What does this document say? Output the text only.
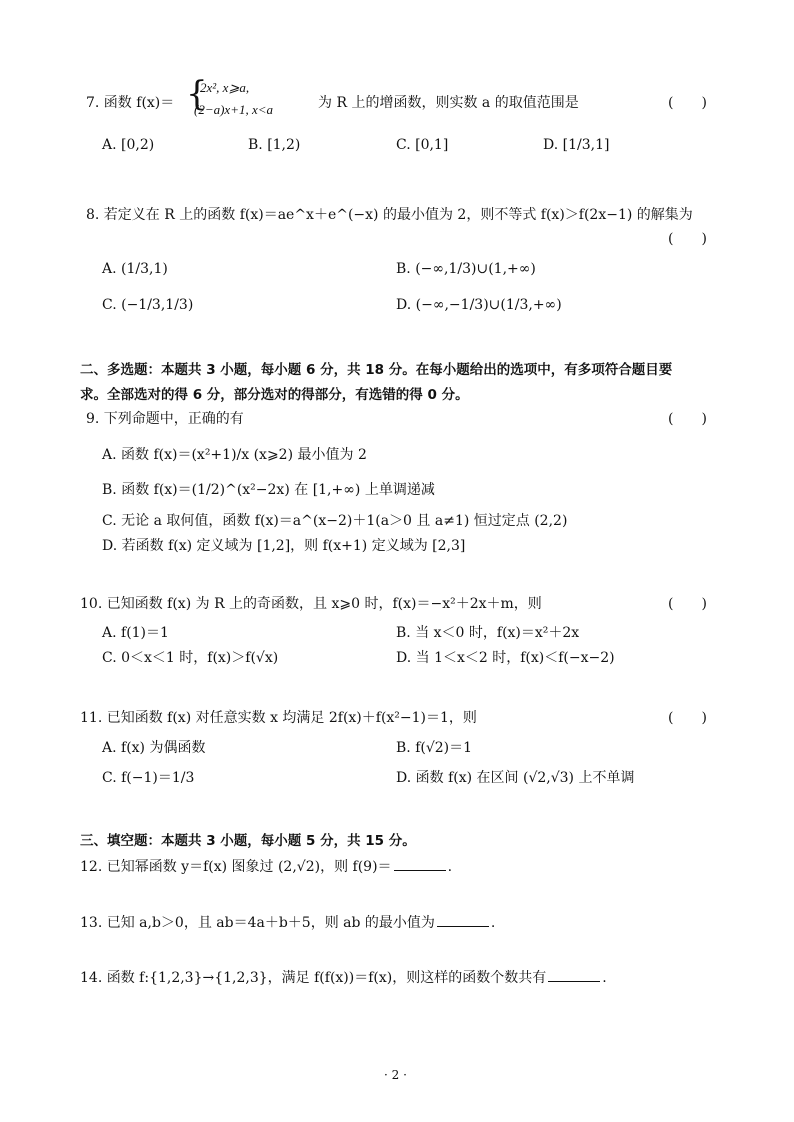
7. 函数 f(x)＝ {
2x², x⩾a,
(2−a)x+1, x<a	为 R 上的增函数，则实数 a 的取值范围是	(　　)
A. [0,2)	B. [1,2)	C. [0,1]	D. [1/3,1]
8. 若定义在 R 上的函数 f(x)＝ae^x＋e^(−x) 的最小值为 2，则不等式 f(x)＞f(2x−1) 的解集为
(　　)
A. (1/3,1)	B. (−∞,1/3)∪(1,+∞)
C. (−1/3,1/3)	D. (−∞,−1/3)∪(1/3,+∞)
二、多选题：本题共 3 小题，每小题 6 分，共 18 分。在每小题给出的选项中，有多项符合题目要
求。全部选对的得 6 分，部分选对的得部分，有选错的得 0 分。
9. 下列命题中，正确的有	(　　)
A. 函数 f(x)＝(x²+1)/x (x⩾2) 最小值为 2
B. 函数 f(x)＝(1/2)^(x²−2x) 在 [1,+∞) 上单调递减
C. 无论 a 取何值，函数 f(x)＝a^(x−2)＋1(a＞0 且 a≠1) 恒过定点 (2,2)
D. 若函数 f(x) 定义域为 [1,2]，则 f(x+1) 定义域为 [2,3]
10. 已知函数 f(x) 为 R 上的奇函数，且 x⩾0 时，f(x)＝−x²＋2x＋m，则	(　　)
A. f(1)＝1	B. 当 x＜0 时，f(x)＝x²＋2x
C. 0＜x＜1 时，f(x)＞f(√x)	D. 当 1＜x＜2 时，f(x)＜f(−x−2)
11. 已知函数 f(x) 对任意实数 x 均满足 2f(x)＋f(x²−1)＝1，则	(　　)
A. f(x) 为偶函数	B. f(√2)＝1
C. f(−1)＝1/3	D. 函数 f(x) 在区间 (√2,√3) 上不单调
三、填空题：本题共 3 小题，每小题 5 分，共 15 分。
12. 已知幂函数 y＝f(x) 图象过 (2,√2)，则 f(9)＝	.
13. 已知 a,b＞0，且 ab＝4a＋b＋5，则 ab 的最小值为	.
14. 函数 f:{1,2,3}→{1,2,3}，满足 f(f(x))＝f(x)，则这样的函数个数共有	.
· 2 ·
